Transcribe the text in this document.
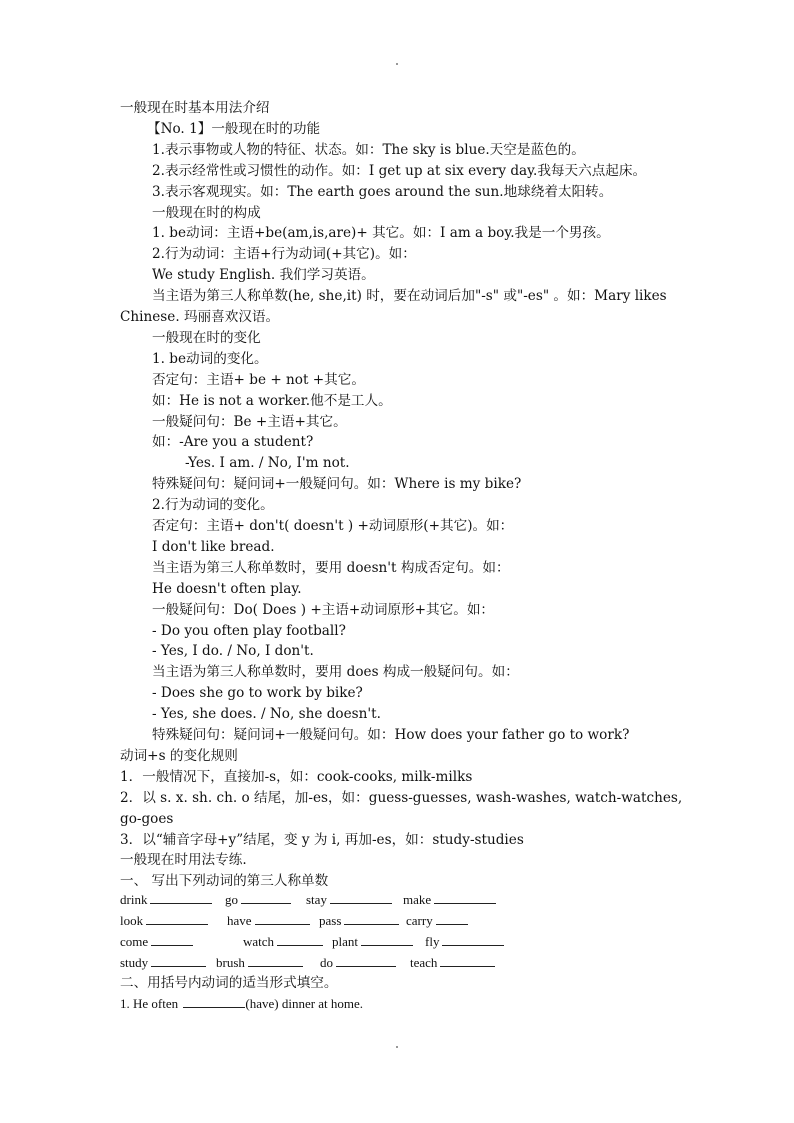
一般现在时基本用法介绍
【No. 1】一般现在时的功能
1.表示事物或人物的特征、状态。如：The sky is blue.天空是蓝色的。
2.表示经常性或习惯性的动作。如：I get up at six every day.我每天六点起床。
3.表示客观现实。如：The earth goes around the sun.地球绕着太阳转。
一般现在时的构成
1. be动词：主语+be(am,is,are)+ 其它。如：I am a boy.我是一个男孩。
2.行为动词：主语+行为动词(+其它)。如：
We study English. 我们学习英语。
当主语为第三人称单数(he, she,it) 时，要在动词后加"-s" 或"-es" 。如：Mary likes
Chinese. 玛丽喜欢汉语。
一般现在时的变化
1. be动词的变化。
否定句：主语+ be + not +其它。
如：He is not a worker.他不是工人。
一般疑问句：Be +主语+其它。
如：-Are you a student?
-Yes. I am. / No, I'm not.
特殊疑问句：疑问词+一般疑问句。如：Where is my bike?
2.行为动词的变化。
否定句：主语+ don't( doesn't ) +动词原形(+其它)。如：
I don't like bread.
当主语为第三人称单数时，要用 doesn't 构成否定句。如：
He doesn't often play.
一般疑问句：Do( Does ) +主语+动词原形+其它。如：
- Do you often play football?
- Yes, I do. / No, I don't.
当主语为第三人称单数时，要用 does 构成一般疑问句。如：
- Does she go to work by bike?
- Yes, she does. / No, she doesn't.
特殊疑问句：疑问词+一般疑问句。如：How does your father go to work?
动词+s 的变化规则
1．一般情况下，直接加-s，如：cook-cooks, milk-milks
2．以 s. x. sh. ch. o 结尾，加-es，如：guess-guesses, wash-washes, watch-watches,
go-goes
3．以“辅音字母+y”结尾，变 y 为 i, 再加-es，如：study-studies
一般现在时用法专练.
一、 写出下列动词的第三人称单数
drink	go	stay	make
look	have	pass	carry
come	watch	plant	fly
study	brush	do	teach
二、用括号内动词的适当形式填空。
1. He often	(have) dinner at home.
